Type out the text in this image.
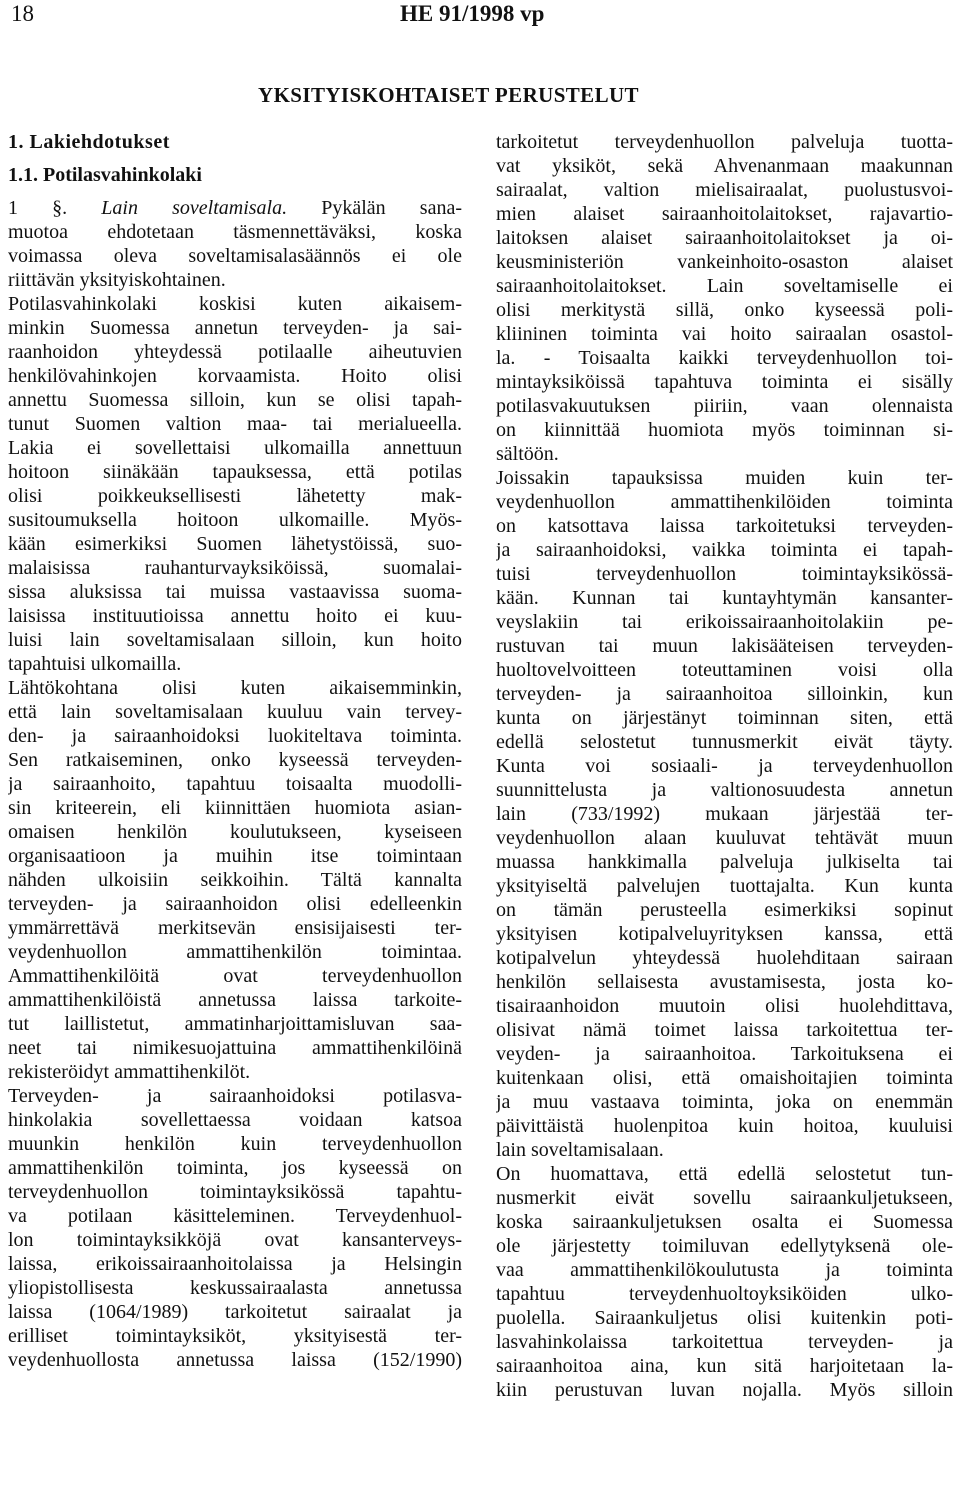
18	HE 91/1998 vp
YKSITYISKOHTAISET PERUSTELUT
1. Lakiehdotukset
1.1. Potilasvahinkolaki
1 §. Lain soveltamisala. Pykälän sana-
muotoa ehdotetaan täsmennettäväksi, koska
voimassa oleva soveltamisalasäännös ei ole
riittävän yksityiskohtainen.
Potilasvahinkolaki koskisi kuten aikaisem-
minkin Suomessa annetun terveyden- ja sai-
raanhoidon yhteydessä potilaalle aiheutuvien
henkilövahinkojen korvaamista. Hoito olisi
annettu Suomessa silloin, kun se olisi tapah-
tunut Suomen valtion maa- tai merialueella.
Lakia ei sovellettaisi ulkomailla annettuun
hoitoon siinäkään tapauksessa, että potilas
olisi poikkeuksellisesti lähetetty mak-
susitoumuksella hoitoon ulkomaille. Myös-
kään esimerkiksi Suomen lähetystöissä, suo-
malaisissa rauhanturvayksiköissä, suomalai-
sissa aluksissa tai muissa vastaavissa suoma-
laisissa instituutioissa annettu hoito ei kuu-
luisi lain soveltamisalaan silloin, kun hoito
tapahtuisi ulkomailla.
Lähtökohtana olisi kuten aikaisemminkin,
että lain soveltamisalaan kuuluu vain tervey-
den- ja sairaanhoidoksi luokiteltava toiminta.
Sen ratkaiseminen, onko kyseessä terveyden-
ja sairaanhoito, tapahtuu toisaalta muodolli-
sin kriteerein, eli kiinnittäen huomiota asian-
omaisen henkilön koulutukseen, kyseiseen
organisaatioon ja muihin itse toimintaan
nähden ulkoisiin seikkoihin. Tältä kannalta
terveyden- ja sairaanhoidon olisi edelleenkin
ymmärrettävä merkitsevän ensisijaisesti ter-
veydenhuollon ammattihenkilön toimintaa.
Ammattihenkilöitä ovat terveydenhuollon
ammattihenkilöistä annetussa laissa tarkoite-
tut laillistetut, ammatinharjoittamisluvan saa-
neet tai nimikesuojattuina ammattihenkilöinä
rekisteröidyt ammattihenkilöt.
Terveyden- ja sairaanhoidoksi potilasva-
hinkolakia sovellettaessa voidaan katsoa
muunkin henkilön kuin terveydenhuollon
ammattihenkilön toiminta, jos kyseessä on
terveydenhuollon toimintayksikössä tapahtu-
va potilaan käsitteleminen. Terveydenhuol-
lon toimintayksikköjä ovat kansanterveys-
laissa, erikoissairaanhoitolaissa ja Helsingin
yliopistollisesta keskussairaalasta annetussa
laissa (1064/1989) tarkoitetut sairaalat ja
erilliset toimintayksiköt, yksityisestä ter-
veydenhuollosta annetussa laissa (152/1990)
tarkoitetut terveydenhuollon palveluja tuotta-
vat yksiköt, sekä Ahvenanmaan maakunnan
sairaalat, valtion mielisairaalat, puolustusvoi-
mien alaiset sairaanhoitolaitokset, rajavartio-
laitoksen alaiset sairaanhoitolaitokset ja oi-
keusministeriön vankeinhoito-osaston alaiset
sairaanhoitolaitokset. Lain soveltamiselle ei
olisi merkitystä sillä, onko kyseessä poli-
kliininen toiminta vai hoito sairaalan osastol-
la. - Toisaalta kaikki terveydenhuollon toi-
mintayksiköissä tapahtuva toiminta ei sisälly
potilasvakuutuksen piiriin, vaan olennaista
on kiinnittää huomiota myös toiminnan si-
sältöön.
Joissakin tapauksissa muiden kuin ter-
veydenhuollon ammattihenkilöiden toiminta
on katsottava laissa tarkoitetuksi terveyden-
ja sairaanhoidoksi, vaikka toiminta ei tapah-
tuisi terveydenhuollon toimintayksikössä-
kään. Kunnan tai kuntayhtymän kansanter-
veyslakiin tai erikoissairaanhoitolakiin pe-
rustuvan tai muun lakisääteisen terveyden-
huoltovelvoitteen toteuttaminen voisi olla
terveyden- ja sairaanhoitoa silloinkin, kun
kunta on järjestänyt toiminnan siten, että
edellä selostetut tunnusmerkit eivät täyty.
Kunta voi sosiaali- ja terveydenhuollon
suunnittelusta ja valtionosuudesta annetun
lain (733/1992) mukaan järjestää ter-
veydenhuollon alaan kuuluvat tehtävät muun
muassa hankkimalla palveluja julkiselta tai
yksityiseltä palvelujen tuottajalta. Kun kunta
on tämän perusteella esimerkiksi sopinut
yksityisen kotipalveluyrityksen kanssa, että
kotipalvelun yhteydessä huolehditaan sairaan
henkilön sellaisesta avustamisesta, josta ko-
tisairaanhoidon muutoin olisi huolehdittava,
olisivat nämä toimet laissa tarkoitettua ter-
veyden- ja sairaanhoitoa. Tarkoituksena ei
kuitenkaan olisi, että omaishoitajien toiminta
ja muu vastaava toiminta, joka on enemmän
päivittäistä huolenpitoa kuin hoitoa, kuuluisi
lain soveltamisalaan.
On huomattava, että edellä selostetut tun-
nusmerkit eivät sovellu sairaankuljetukseen,
koska sairaankuljetuksen osalta ei Suomessa
ole järjestetty toimiluvan edellytyksenä ole-
vaa ammattihenkilökoulutusta ja toiminta
tapahtuu terveydenhuoltoyksiköiden ulko-
puolella. Sairaankuljetus olisi kuitenkin poti-
lasvahinkolaissa tarkoitettua terveyden- ja
sairaanhoitoa aina, kun sitä harjoitetaan la-
kiin perustuvan luvan nojalla. Myös silloin
